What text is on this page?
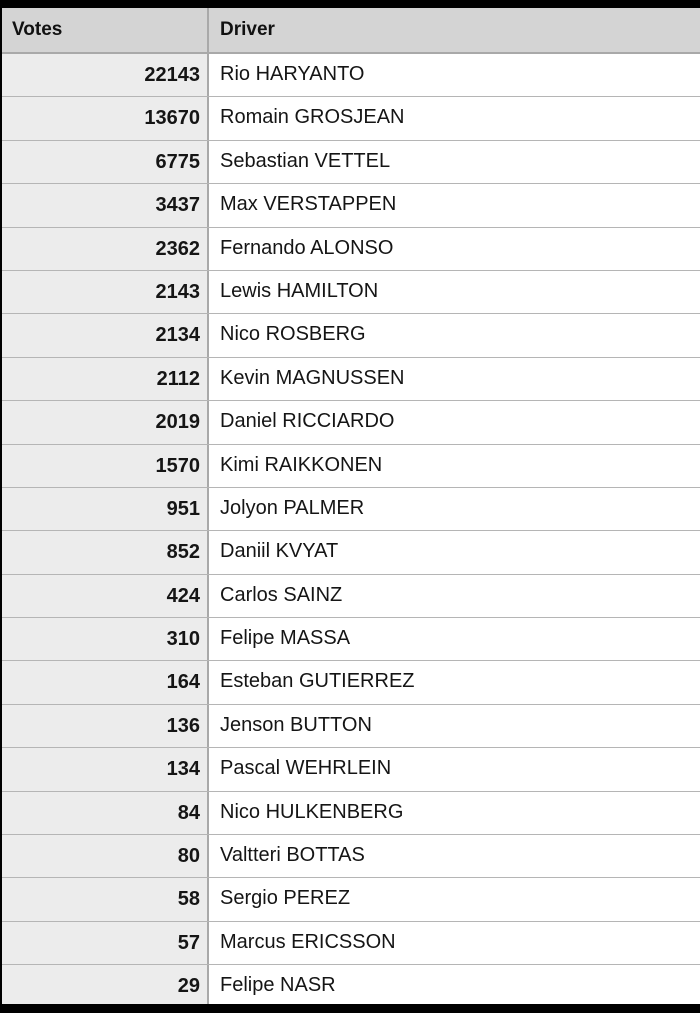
Votes	Driver
22143	Rio HARYANTO
13670	Romain GROSJEAN
6775	Sebastian VETTEL
3437	Max VERSTAPPEN
2362	Fernando ALONSO
2143	Lewis HAMILTON
2134	Nico ROSBERG
2112	Kevin MAGNUSSEN
2019	Daniel RICCIARDO
1570	Kimi RAIKKONEN
951	Jolyon PALMER
852	Daniil KVYAT
424	Carlos SAINZ
310	Felipe MASSA
164	Esteban GUTIERREZ
136	Jenson BUTTON
134	Pascal WEHRLEIN
84	Nico HULKENBERG
80	Valtteri BOTTAS
58	Sergio PEREZ
57	Marcus ERICSSON
29	Felipe NASR
